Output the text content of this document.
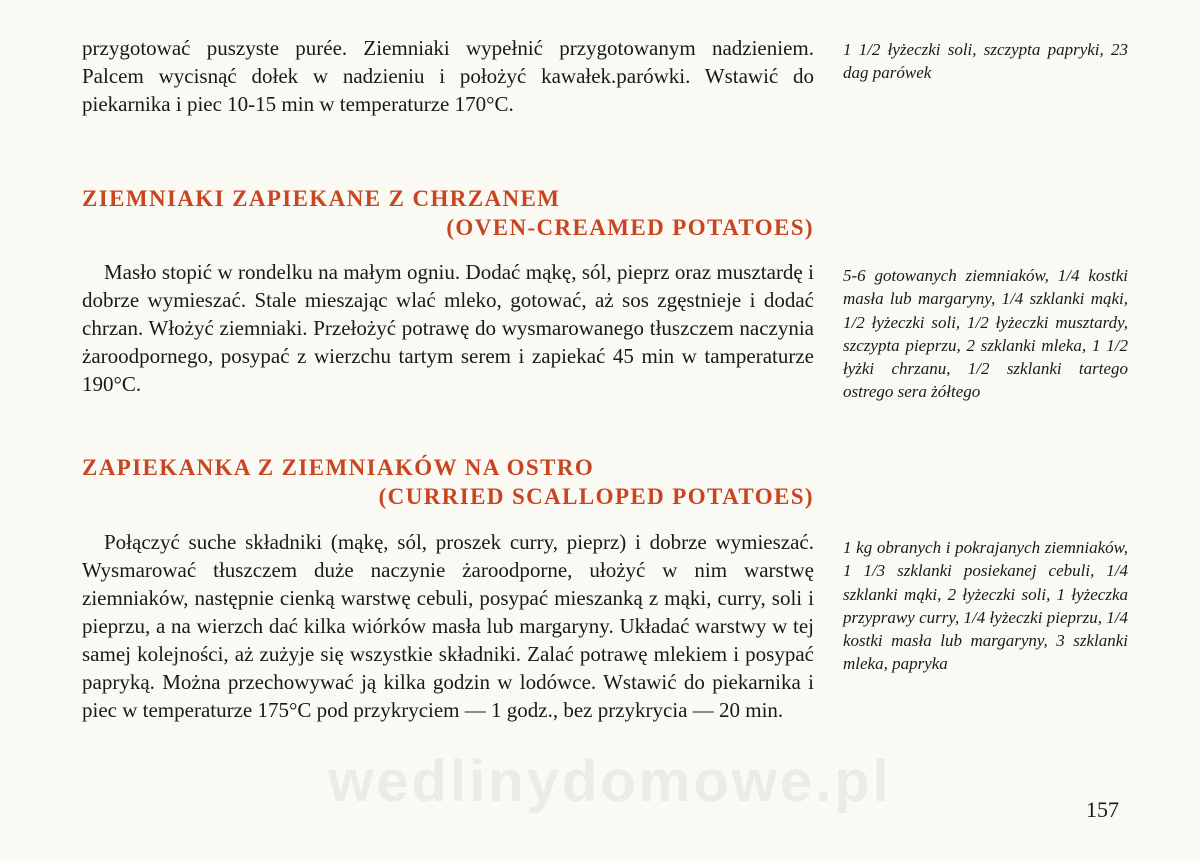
przygotować puszyste purée. Ziemniaki wypełnić przygotowanym nadzieniem. Palcem wycisnąć dołek w nadzieniu i położyć kawałek.parówki. Wstawić do piekarnika i piec 10-15 min w temperaturze 170°C.

1 1/2 łyżeczki soli, szczypta papryki, 23 dag parówek
ZIEMNIAKI ZAPIEKANE Z CHRZANEM
(OVEN-CREAMED POTATOES)

Masło stopić w rondelku na małym ogniu. Dodać mąkę, sól, pieprz oraz musztardę i dobrze wymieszać. Stale mieszając wlać mleko, gotować, aż sos zgęstnieje i dodać chrzan. Włożyć ziemniaki. Przełożyć potrawę do wysmarowanego tłuszczem naczynia żaroodpornego, posypać z wierzchu tartym serem i zapiekać 45 min w tamperaturze 190°C.

5-6 gotowanych ziemniaków, 1/4 kostki masła lub margaryny, 1/4 szklanki mąki, 1/2 łyżeczki soli, 1/2 łyżeczki musztardy, szczypta pieprzu, 2 szklanki mleka, 1 1/2 łyżki chrzanu, 1/2 szklanki tartego ostrego sera żółtego
ZAPIEKANKA Z ZIEMNIAKÓW NA OSTRO
(CURRIED SCALLOPED POTATOES)

Połączyć suche składniki (mąkę, sól, proszek curry, pieprz) i dobrze wymieszać. Wysmarować tłuszczem duże naczynie żaroodporne, ułożyć w nim warstwę ziemniaków, następnie cienką warstwę cebuli, posypać mieszanką z mąki, curry, soli i pieprzu, a na wierzch dać kilka wiórków masła lub margaryny. Układać warstwy w tej samej kolejności, aż zużyje się wszystkie składniki. Zalać potrawę mlekiem i posypać papryką. Można przechowywać ją kilka godzin w lodówce. Wstawić do piekarnika i piec w temperaturze 175°C pod przykryciem — 1 godz., bez przykrycia — 20 min.

1 kg obranych i pokrajanych ziemniaków, 1 1/3 szklanki posiekanej cebuli, 1/4 szklanki mąki, 2 łyżeczki soli, 1 łyżeczka przyprawy curry, 1/4 łyżeczki pieprzu, 1/4 kostki masła lub margaryny, 3 szklanki mleka, papryka
wedlinydomowe.pl	157
